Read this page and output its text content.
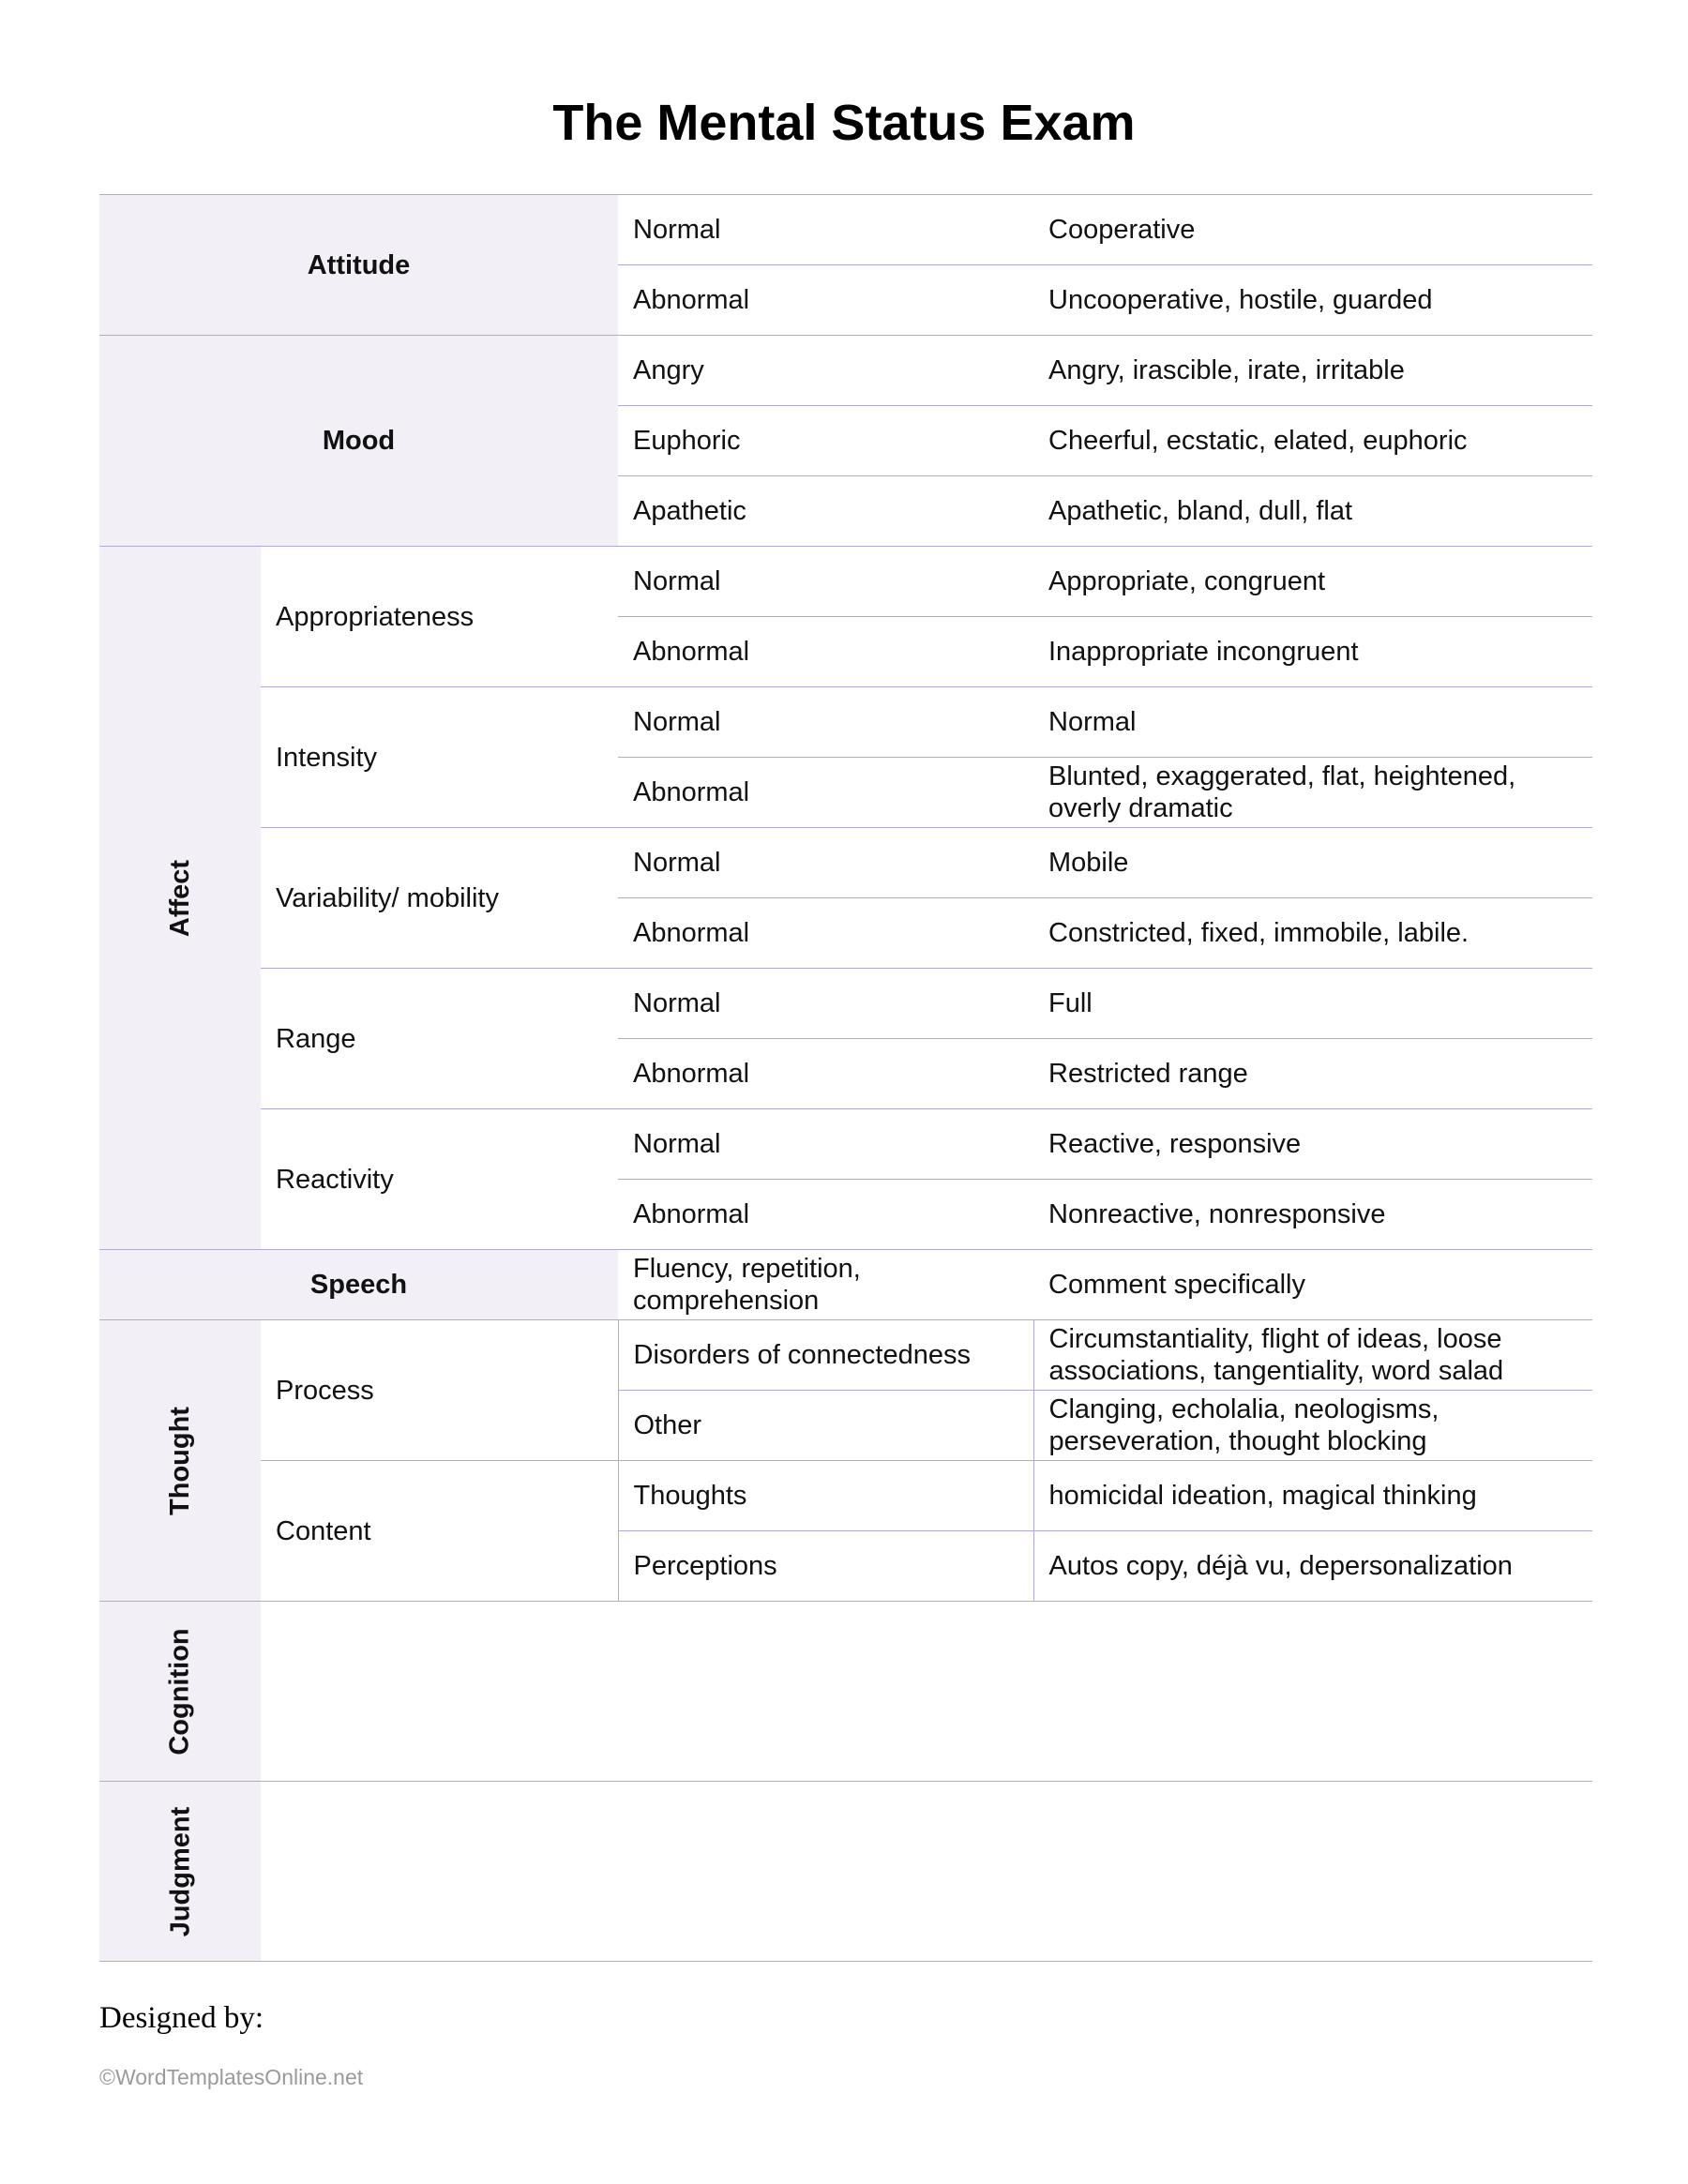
The Mental Status Exam
Attitude		Normal	Cooperative
		Abnormal	Uncooperative, hostile, guarded
Mood		Angry	Angry, irascible, irate, irritable
		Euphoric	Cheerful, ecstatic, elated, euphoric
		Apathetic	Apathetic, bland, dull, flat
Affect	Appropriateness	Normal	Appropriate, congruent
		Abnormal	Inappropriate incongruent
	Intensity	Normal	Normal
		Abnormal	Blunted, exaggerated, flat, heightened, overly dramatic
	Variability/ mobility	Normal	Mobile
		Abnormal	Constricted, fixed, immobile, labile.
	Range	Normal	Full
		Abnormal	Restricted range
	Reactivity	Normal	Reactive, responsive
		Abnormal	Nonreactive, nonresponsive
Speech		Fluency, repetition, comprehension	Comment specifically
Thought	Process	Disorders of connectedness	Circumstantiality, flight of ideas, loose associations, tangentiality, word salad
		Other	Clanging, echolalia, neologisms, perseveration, thought blocking
	Content	Thoughts	homicidal ideation, magical thinking
		Perceptions	Autos copy, déjà vu, depersonalization
Cognition			
Judgment			
Designed by:
©WordTemplatesOnline.net
